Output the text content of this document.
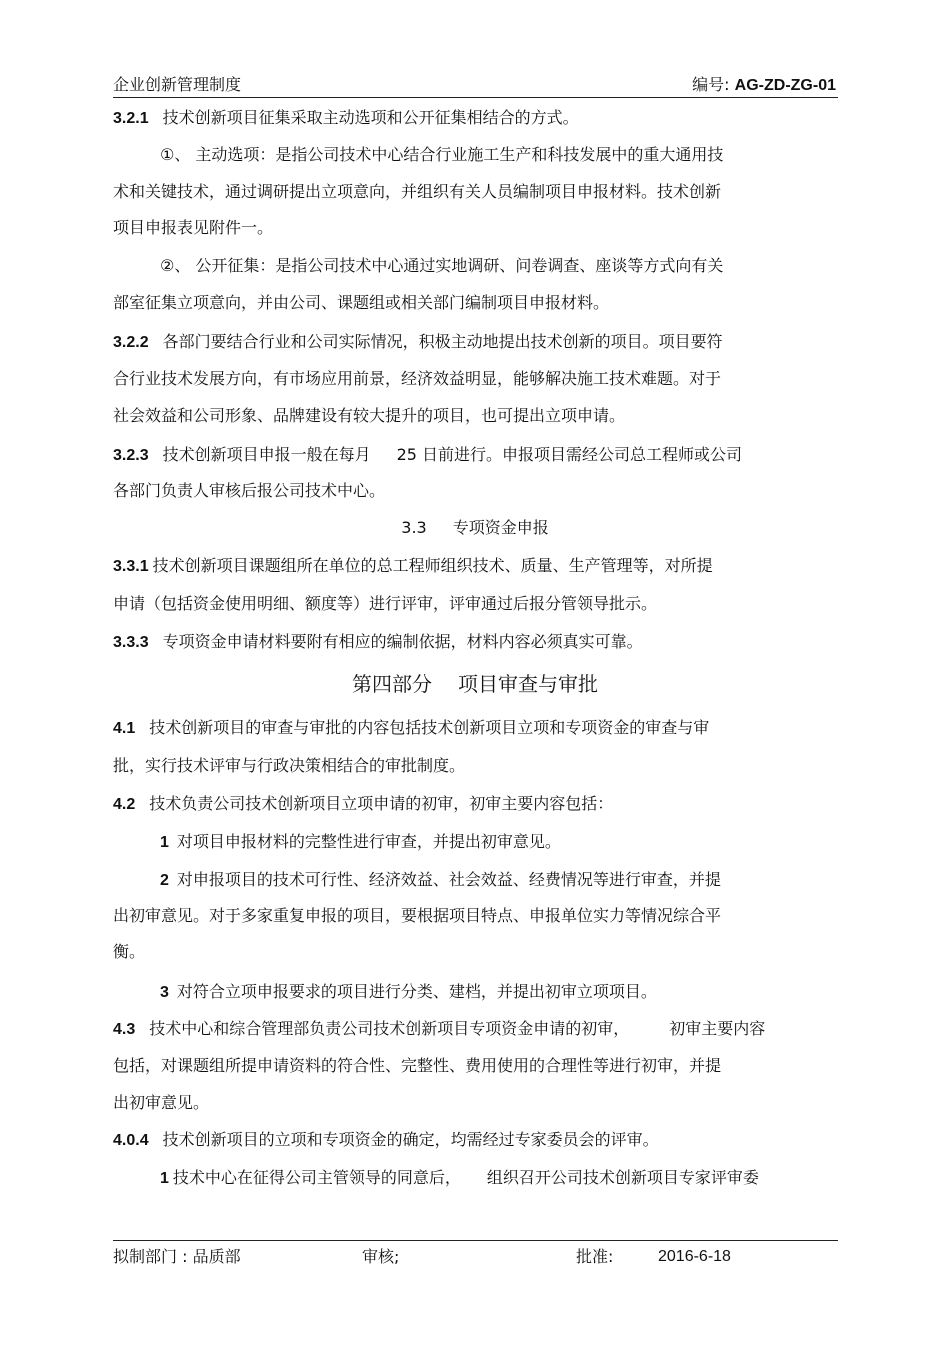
企业创新管理制度	编号: AG-ZD-ZG-01
3.2.1 技术创新项目征集采取主动选项和公开征集相结合的方式。
①、 主动选项：是指公司技术中心结合行业施工生产和科技发展中的重大通用技
术和关键技术，通过调研提出立项意向，并组织有关人员编制项目申报材料。技术创新
项目申报表见附件一。
②、 公开征集：是指公司技术中心通过实地调研、问卷调查、座谈等方式向有关
部室征集立项意向，并由公司、课题组或相关部门编制项目申报材料。
3.2.2 各部门要结合行业和公司实际情况，积极主动地提出技术创新的项目。项目要符
合行业技术发展方向，有市场应用前景，经济效益明显，能够解决施工技术难题。对于
社会效益和公司形象、品牌建设有较大提升的项目，也可提出立项申请。
3.2.3 技术创新项目申报一般在每月 25 日前进行。申报项目需经公司总工程师或公司
各部门负责人审核后报公司技术中心。
3.3 专项资金申报
3.3.1 技术创新项目课题组所在单位的总工程师组织技术、质量、生产管理等，对所提
申请（包括资金使用明细、额度等）进行评审，评审通过后报分管领导批示。
3.3.3 专项资金申请材料要附有相应的编制依据，材料内容必须真实可靠。
第四部分 项目审查与审批
4.1 技术创新项目的审查与审批的内容包括技术创新项目立项和专项资金的审查与审
批，实行技术评审与行政决策相结合的审批制度。
4.2 技术负责公司技术创新项目立项申请的初审，初审主要内容包括：
1 对项目申报材料的完整性进行审查，并提出初审意见。
2 对申报项目的技术可行性、经济效益、社会效益、经费情况等进行审查，并提
出初审意见。对于多家重复申报的项目，要根据项目特点、申报单位实力等情况综合平
衡。
3 对符合立项申报要求的项目进行分类、建档，并提出初审立项项目。
4.3 技术中心和综合管理部负责公司技术创新项目专项资金申请的初审，	初审主要内容
包括，对课题组所提申请资料的符合性、完整性、费用使用的合理性等进行初审，并提
出初审意见。
4.0.4 技术创新项目的立项和专项资金的确定，均需经过专家委员会的评审。
1 技术中心在征得公司主管领导的同意后， 组织召开公司技术创新项目专家评审委
拟制部门 : 品质部	审核;	批准:	2016-6-18
